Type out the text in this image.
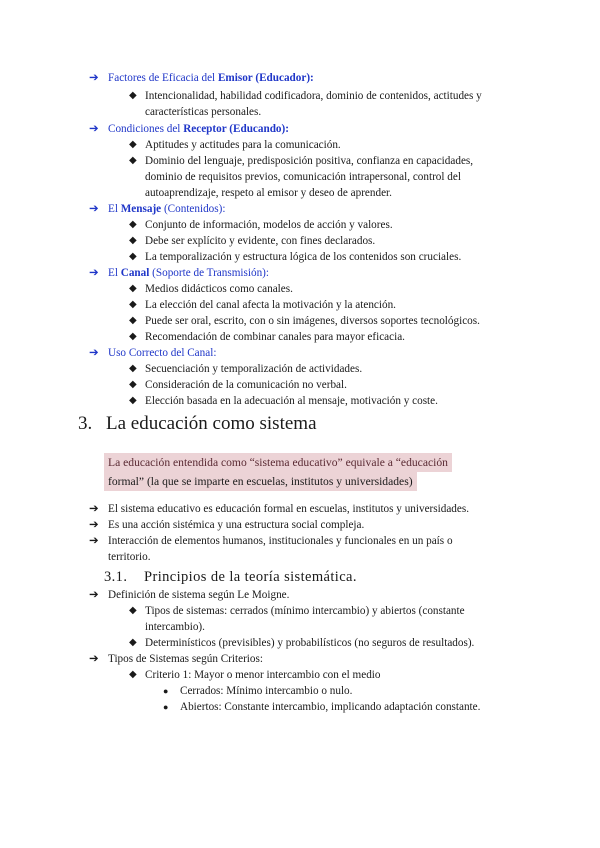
➔ Factores de Eficacia del Emisor (Educador):
◆ Intencionalidad, habilidad codificadora, dominio de contenidos, actitudes y características personales.
➔ Condiciones del Receptor (Educando):
◆ Aptitudes y actitudes para la comunicación.
◆ Dominio del lenguaje, predisposición positiva, confianza en capacidades, dominio de requisitos previos, comunicación intrapersonal, control del autoaprendizaje, respeto al emisor y deseo de aprender.
➔ El Mensaje (Contenidos):
◆ Conjunto de información, modelos de acción y valores.
◆ Debe ser explícito y evidente, con fines declarados.
◆ La temporalización y estructura lógica de los contenidos son cruciales.
➔ El Canal (Soporte de Transmisión):
◆ Medios didácticos como canales.
◆ La elección del canal afecta la motivación y la atención.
◆ Puede ser oral, escrito, con o sin imágenes, diversos soportes tecnológicos.
◆ Recomendación de combinar canales para mayor eficacia.
➔ Uso Correcto del Canal:
◆ Secuenciación y temporalización de actividades.
◆ Consideración de la comunicación no verbal.
◆ Elección basada en la adecuación al mensaje, motivación y coste.
3. La educación como sistema
La educación entendida como “sistema educativo” equivale a “educación
formal” (la que se imparte en escuelas, institutos y universidades)
➔ El sistema educativo es educación formal en escuelas, institutos y universidades.
➔ Es una acción sistémica y una estructura social compleja.
➔ Interacción de elementos humanos, institucionales y funcionales en un país o territorio.
3.1. Principios de la teoría sistemática.
➔ Definición de sistema según Le Moigne.
◆ Tipos de sistemas: cerrados (mínimo intercambio) y abiertos (constante intercambio).
◆ Determinísticos (previsibles) y probabilísticos (no seguros de resultados).
➔ Tipos de Sistemas según Criterios:
◆ Criterio 1: Mayor o menor intercambio con el medio
● Cerrados: Mínimo intercambio o nulo.
● Abiertos: Constante intercambio, implicando adaptación constante.
